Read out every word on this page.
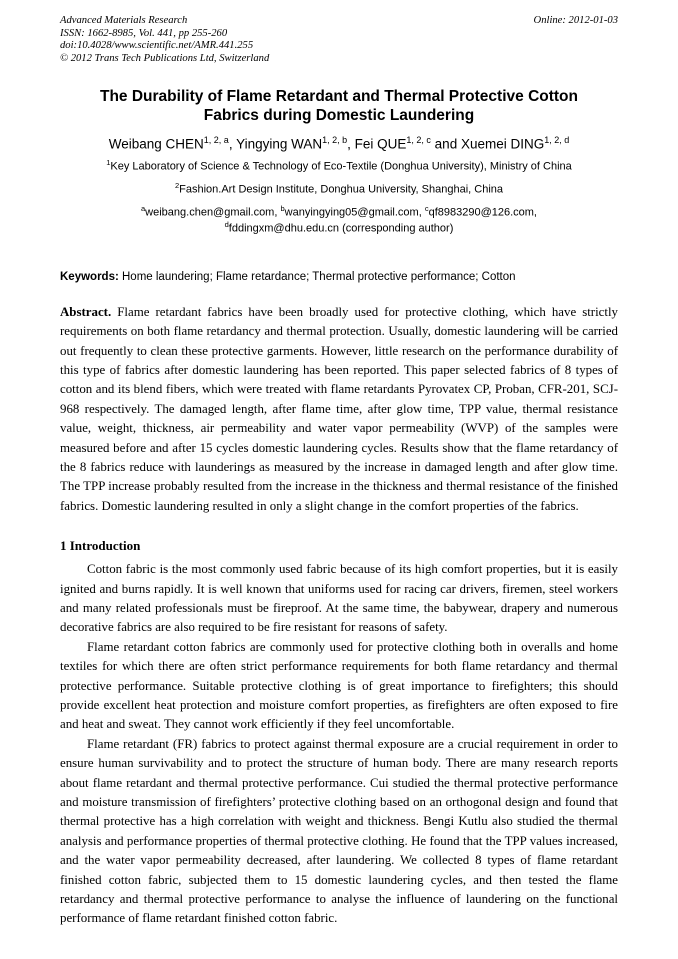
Advanced Materials Research
ISSN: 1662-8985, Vol. 441, pp 255-260
doi:10.4028/www.scientific.net/AMR.441.255
© 2012 Trans Tech Publications Ltd, Switzerland
Online: 2012-01-03
The Durability of Flame Retardant and Thermal Protective Cotton Fabrics during Domestic Laundering
Weibang CHEN$^{1, 2, a}$, Yingying WAN$^{1, 2, b}$, Fei QUE$^{1, 2, c}$ and Xuemei DING$^{1, 2, d}$
$^1$Key Laboratory of Science & Technology of Eco-Textile (Donghua University), Ministry of China
$^2$Fashion.Art Design Institute, Donghua University, Shanghai, China
$^a$weibang.chen@gmail.com, $^b$wanyingying05@gmail.com, $^c$qf8983290@126.com,
$^d$fddingxm@dhu.edu.cn (corresponding author)
Keywords: Home laundering; Flame retardance; Thermal protective performance; Cotton
Abstract. Flame retardant fabrics have been broadly used for protective clothing, which have strictly requirements on both flame retardancy and thermal protection. Usually, domestic laundering will be carried out frequently to clean these protective garments. However, little research on the performance durability of this type of fabrics after domestic laundering has been reported. This paper selected fabrics of 8 types of cotton and its blend fibers, which were treated with flame retardants Pyrovatex CP, Proban, CFR-201, SCJ-968 respectively. The damaged length, after flame time, after glow time, TPP value, thermal resistance value, weight, thickness, air permeability and water vapor permeability (WVP) of the samples were measured before and after 15 cycles domestic laundering cycles. Results show that the flame retardancy of the 8 fabrics reduce with launderings as measured by the increase in damaged length and after glow time. The TPP increase probably resulted from the increase in the thickness and thermal resistance of the finished fabrics. Domestic laundering resulted in only a slight change in the comfort properties of the fabrics.
1 Introduction

Cotton fabric is the most commonly used fabric because of its high comfort properties, but it is easily ignited and burns rapidly. It is well known that uniforms used for racing car drivers, firemen, steel workers and many related professionals must be fireproof. At the same time, the babywear, drapery and numerous decorative fabrics are also required to be fire resistant for reasons of safety.

Flame retardant cotton fabrics are commonly used for protective clothing both in overalls and home textiles for which there are often strict performance requirements for both flame retardancy and thermal protective performance. Suitable protective clothing is of great importance to firefighters; this should provide excellent heat protection and moisture comfort properties, as firefighters are often exposed to fire and heat and sweat. They cannot work efficiently if they feel uncomfortable.

Flame retardant (FR) fabrics to protect against thermal exposure are a crucial requirement in order to ensure human survivability and to protect the structure of human body. There are many research reports about flame retardant and thermal protective performance. Cui studied the thermal protective performance and moisture transmission of firefighters’ protective clothing based on an orthogonal design and found that thermal protective has a high correlation with weight and thickness. Bengi Kutlu also studied the thermal analysis and performance properties of thermal protective clothing. He found that the TPP values increased, and the water vapor permeability decreased, after laundering. We collected 8 types of flame retardant finished cotton fabric, subjected them to 15 domestic laundering cycles, and then tested the flame retardancy and thermal protective performance to analyse the influence of laundering on the functional performance of flame retardant finished cotton fabric.
